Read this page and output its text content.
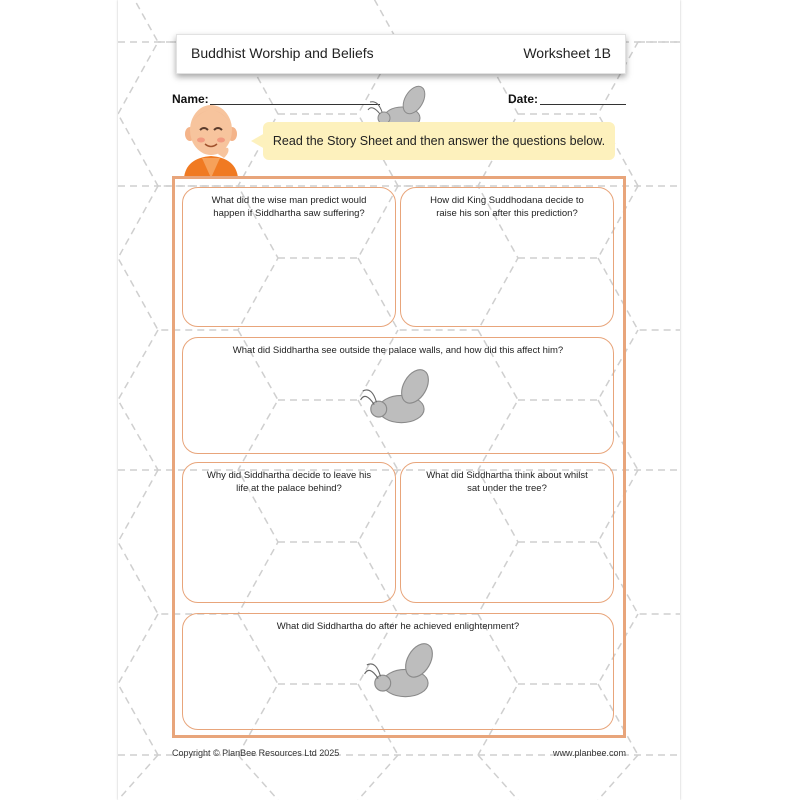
Buddhist Worship and Beliefs	Worksheet 1B
Name:	Date:
Read the Story Sheet and then answer the questions below.
What did the wise man predict would happen if Siddhartha saw suffering?
How did King Suddhodana decide to raise his son after this prediction?
What did Siddhartha see outside the palace walls, and how did this affect him?
Why did Siddhartha decide to leave his life at the palace behind?
What did Siddhartha think about whilst sat under the tree?
What did Siddhartha do after he achieved enlightenment?
Copyright © PlanBee Resources Ltd 2025	www.planbee.com
